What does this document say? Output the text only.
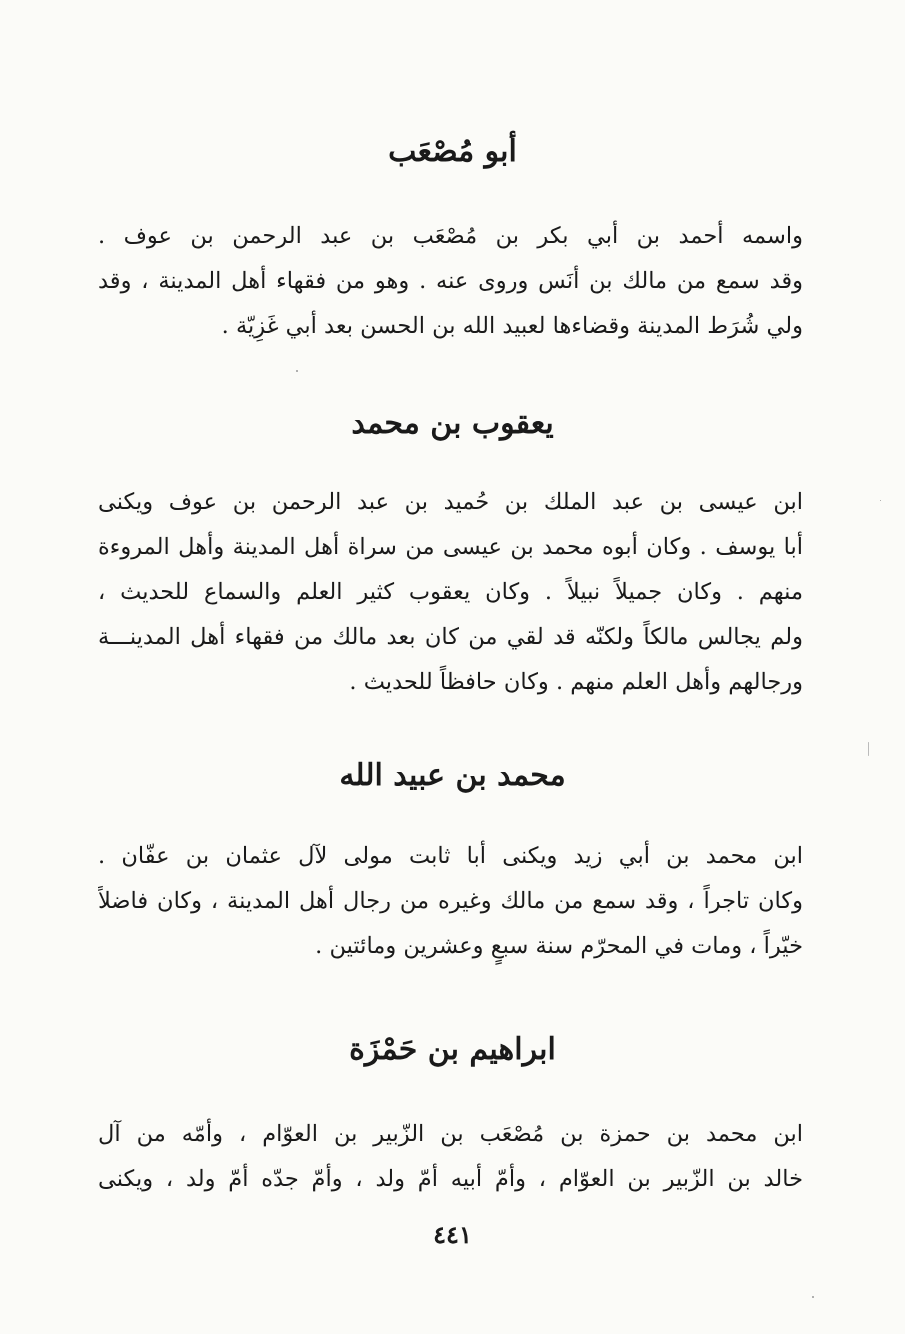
أبو مُصْعَب
واسمه أحمد بن أبي بكر بن مُصْعَب بن عبد الرحمن بن عوف .
وقد سمع من مالك بن أنَس وروى عنه . وهو من فقهاء أهل المدينة ، وقد
ولي شُرَط المدينة وقضاءها لعبيد الله بن الحسن بعد أبي غَزِيّة .
يعقوب بن محمد
ابن عيسى بن عبد الملك بن حُميد بن عبد الرحمن بن عوف ويكنى
أبا يوسف . وكان أبوه محمد بن عيسى من سراة أهل المدينة وأهل المروءة
منهم . وكان جميلاً نبيلاً . وكان يعقوب كثير العلم والسماع للحديث ،
ولم يجالس مالكاً ولكنّه قد لقي من كان بعد مالك من فقهاء أهل المدينـــة
ورجالهم وأهل العلم منهم . وكان حافظاً للحديث .
محمد بن عبيد الله
ابن محمد بن أبي زيد ويكنى أبا ثابت مولى لآل عثمان بن عفّان .
وكان تاجراً ، وقد سمع من مالك وغيره من رجال أهل المدينة ، وكان فاضلاً
خيّراً ، ومات في المحرّم سنة سبعٍ وعشرين ومائتين .
ابراهيم بن حَمْزَة
ابن محمد بن حمزة بن مُصْعَب بن الزّبير بن العوّام ، وأمّه من آل
خالد بن الزّبير بن العوّام ، وأمّ أبيه أمّ ولد ، وأمّ جدّه أمّ ولد ، ويكنى
٤٤١
